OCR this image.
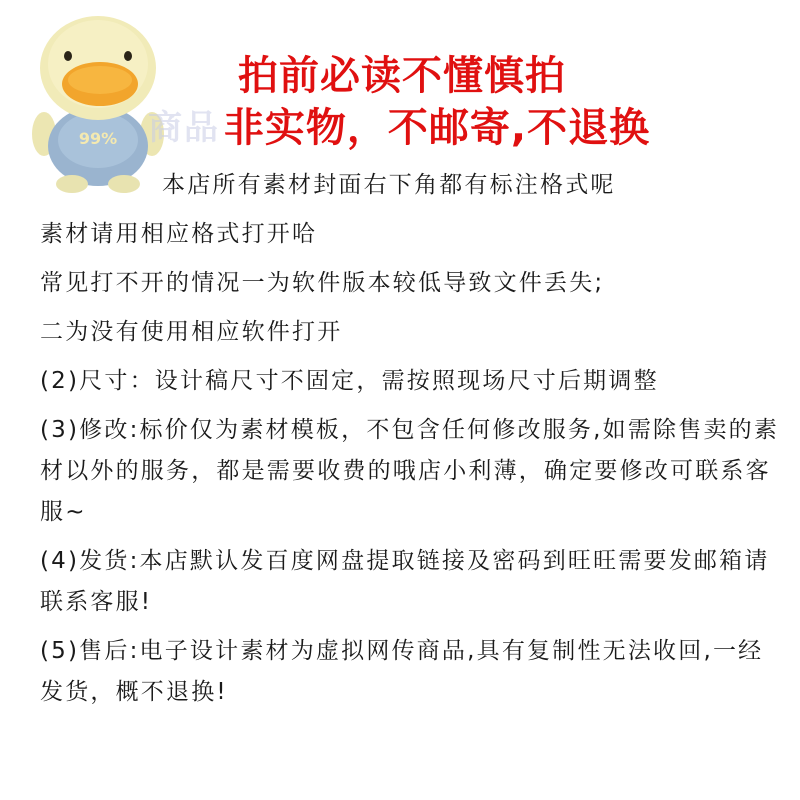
99% 商品
拍前必读不懂慎拍
非实物，不邮寄,不退换
本店所有素材封面右下角都有标注格式呢
素材请用相应格式打开哈
常见打不开的情况一为软件版本较低导致文件丢失;
二为没有使用相应软件打开
(2)尺寸：设计稿尺寸不固定，需按照现场尺寸后期调整
(3)修改:标价仅为素材模板，不包含任何修改服务,如需除售卖的素材以外的服务，都是需要收费的哦店小利薄，确定要修改可联系客服~
(4)发货:本店默认发百度网盘提取链接及密码到旺旺需要发邮箱请联系客服!
(5)售后:电子设计素材为虚拟网传商品,具有复制性无法收回,一经发货，概不退换!
